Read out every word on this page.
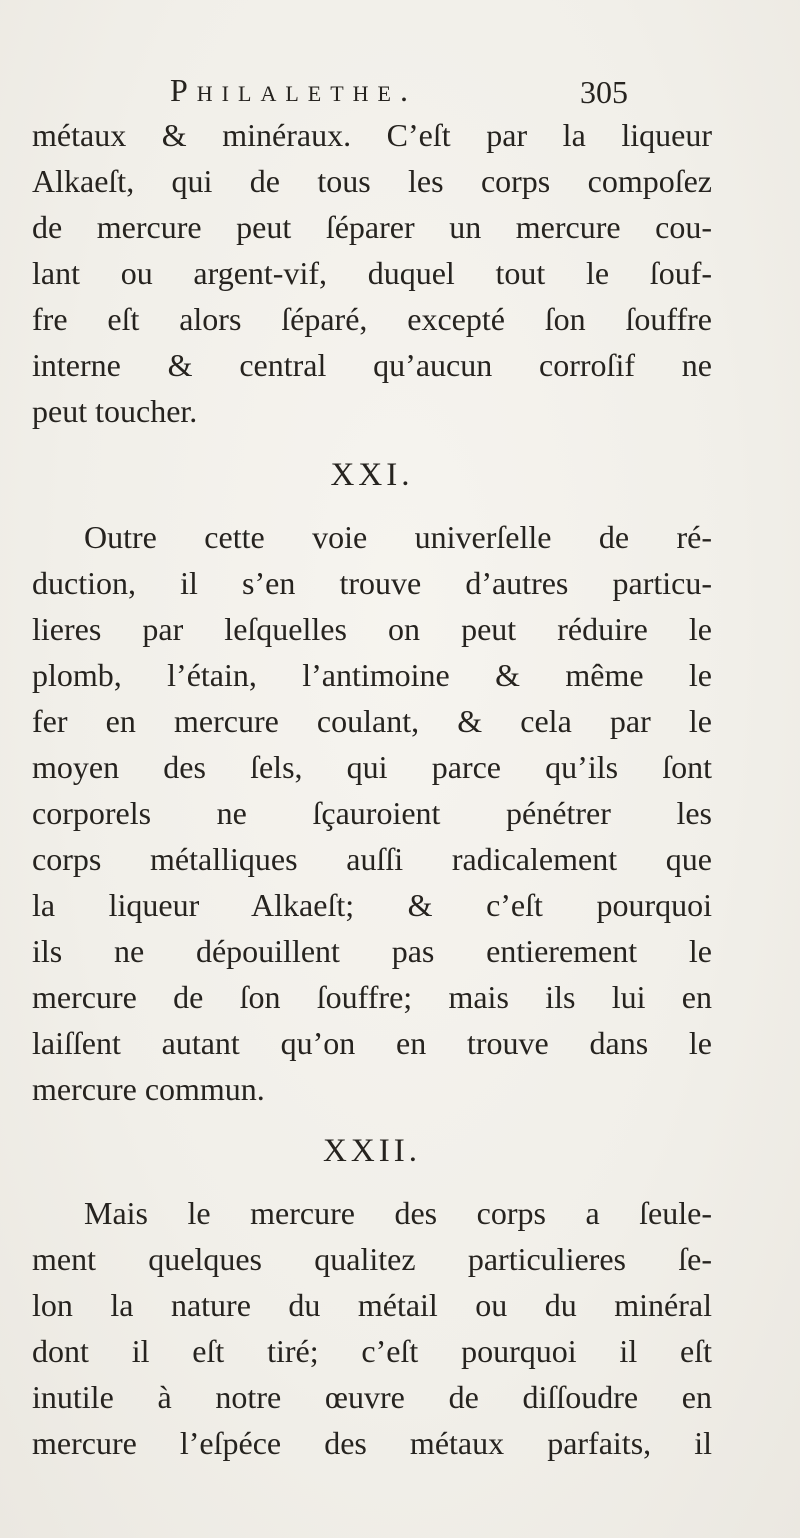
Philalethe.	305
métaux & minéraux. C’eſt par la liqueur
Alkaeſt, qui de tous les corps compoſez
de mercure peut ſéparer un mercure cou-
lant ou argent-vif, duquel tout le ſouf-
fre eſt alors ſéparé, excepté ſon ſouffre
interne & central qu’aucun corroſif ne
peut toucher.
XXI.
Outre cette voie univerſelle de ré-
duction, il s’en trouve d’autres particu-
lieres par leſquelles on peut réduire le
plomb, l’étain, l’antimoine & même le
fer en mercure coulant, & cela par le
moyen des ſels, qui parce qu’ils ſont
corporels ne ſçauroient pénétrer les
corps métalliques auſſi radicalement que
la liqueur Alkaeſt; & c’eſt pourquoi
ils ne dépouillent pas entierement le
mercure de ſon ſouffre; mais ils lui en
laiſſent autant qu’on en trouve dans le
mercure commun.
XXII.
Mais le mercure des corps a ſeule-
ment quelques qualitez particulieres ſe-
lon la nature du métail ou du minéral
dont il eſt tiré; c’eſt pourquoi il eſt
inutile à notre œuvre de diſſoudre en
mercure l’eſpéce des métaux parfaits, il
